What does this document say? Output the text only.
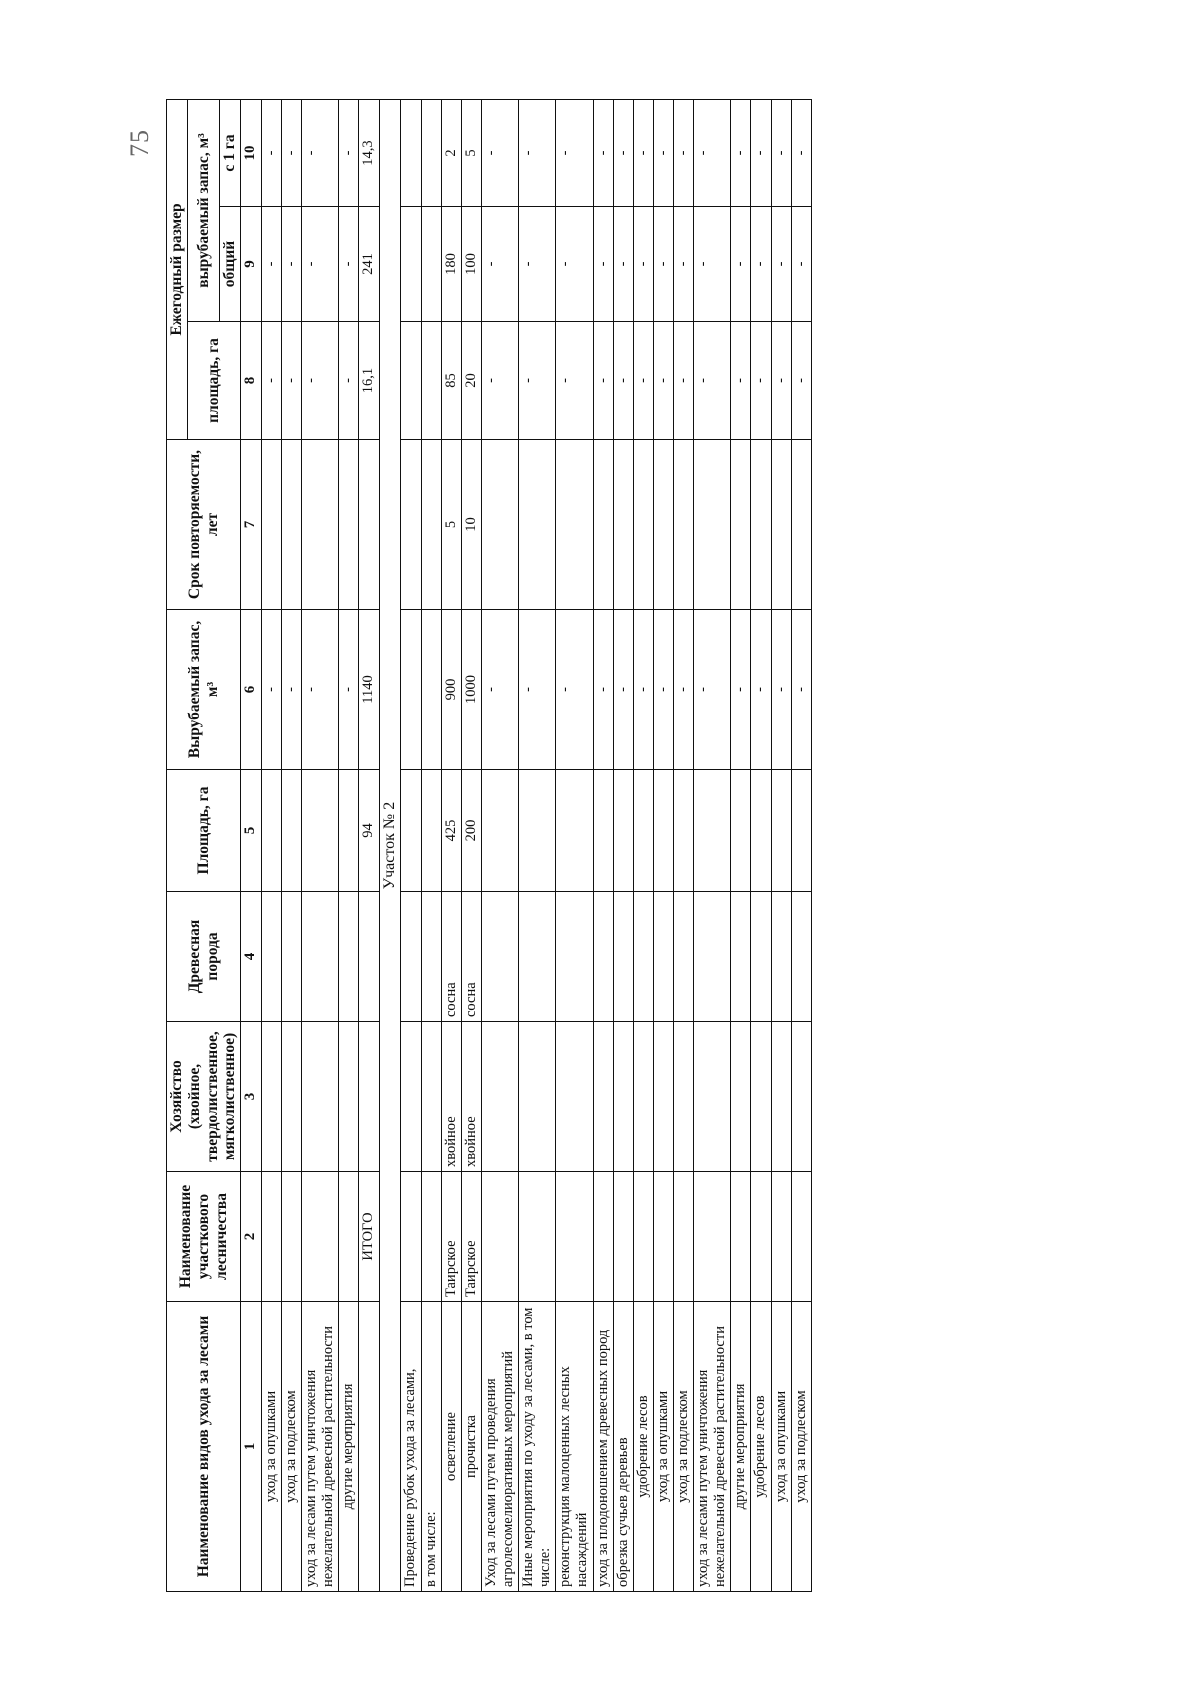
75
Наименование видов ухода за лесами	Наименование участкового лесничества	Хозяйство (хвойное, твердолиственное, мягколиственное)	Древесная порода	Площадь, га	Вырубаемый запас, м³	Срок повторяемости, лет	Ежегодный размер		
							площадь, га	вырубаемый запас, м³	
								общий	с 1 га
1	2	3	4	5	6	7	8	9	10
уход за опушками					-		-	-	-
уход за подлеском					-		-	-	-
уход за лесами путем уничтожения нежелательной древесной растительности					-		-	-	-
другие мероприятия					-		-	-	-
	ИТОГО			94	1140		16,1	241	14,3
Участок № 2									
Проведение рубок ухода за лесами,									
в том числе:									
осветление	Таирское	хвойное	сосна	425	900	5	85	180	2
прочистка	Таирское	хвойное	сосна	200	1000	10	20	100	5
Уход за лесами путем проведения агролесомелиоративных мероприятий					-		-	-	-
Иные мероприятия по уходу за лесами, в том числе:					-		-	-	-
реконструкция малоценных лесных насаждений					-		-	-	-
уход за плодоношением древесных пород					-		-	-	-
обрезка сучьев деревьев					-		-	-	-
удобрение лесов					-		-	-	-
уход за опушками					-		-	-	-
уход за подлеском					-		-	-	-
уход за лесами путем уничтожения нежелательной древесной растительности					-		-	-	-
другие мероприятия					-		-	-	-
удобрение лесов					-		-	-	-
уход за опушками					-		-	-	-
уход за подлеском					-		-	-	-
